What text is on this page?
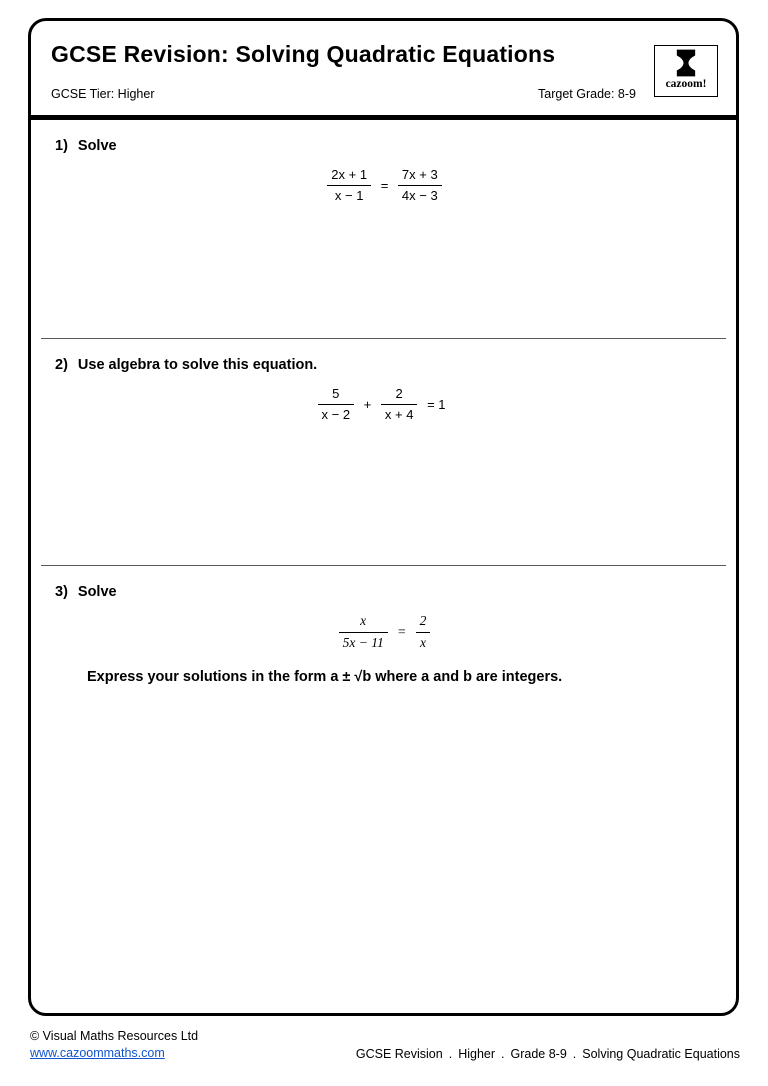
GCSE Revision: Solving Quadratic Equations
GCSE Tier: Higher	Target Grade: 8-9
cazoom!
1) Solve
$\frac{2x + 1}{x - 1} = \frac{7x + 3}{4x - 3}$
2) Use algebra to solve this equation.
$\frac{5}{x - 2} + \frac{2}{x + 4} = 1$
3) Solve
$\frac{x}{5x - 11} = \frac{2}{x}$
Express your solutions in the form a ± √b where a and b are integers.
© Visual Maths Resources Ltd
www.cazoommaths.com	GCSE Revision . Higher . Grade 8-9 . Solving Quadratic Equations
